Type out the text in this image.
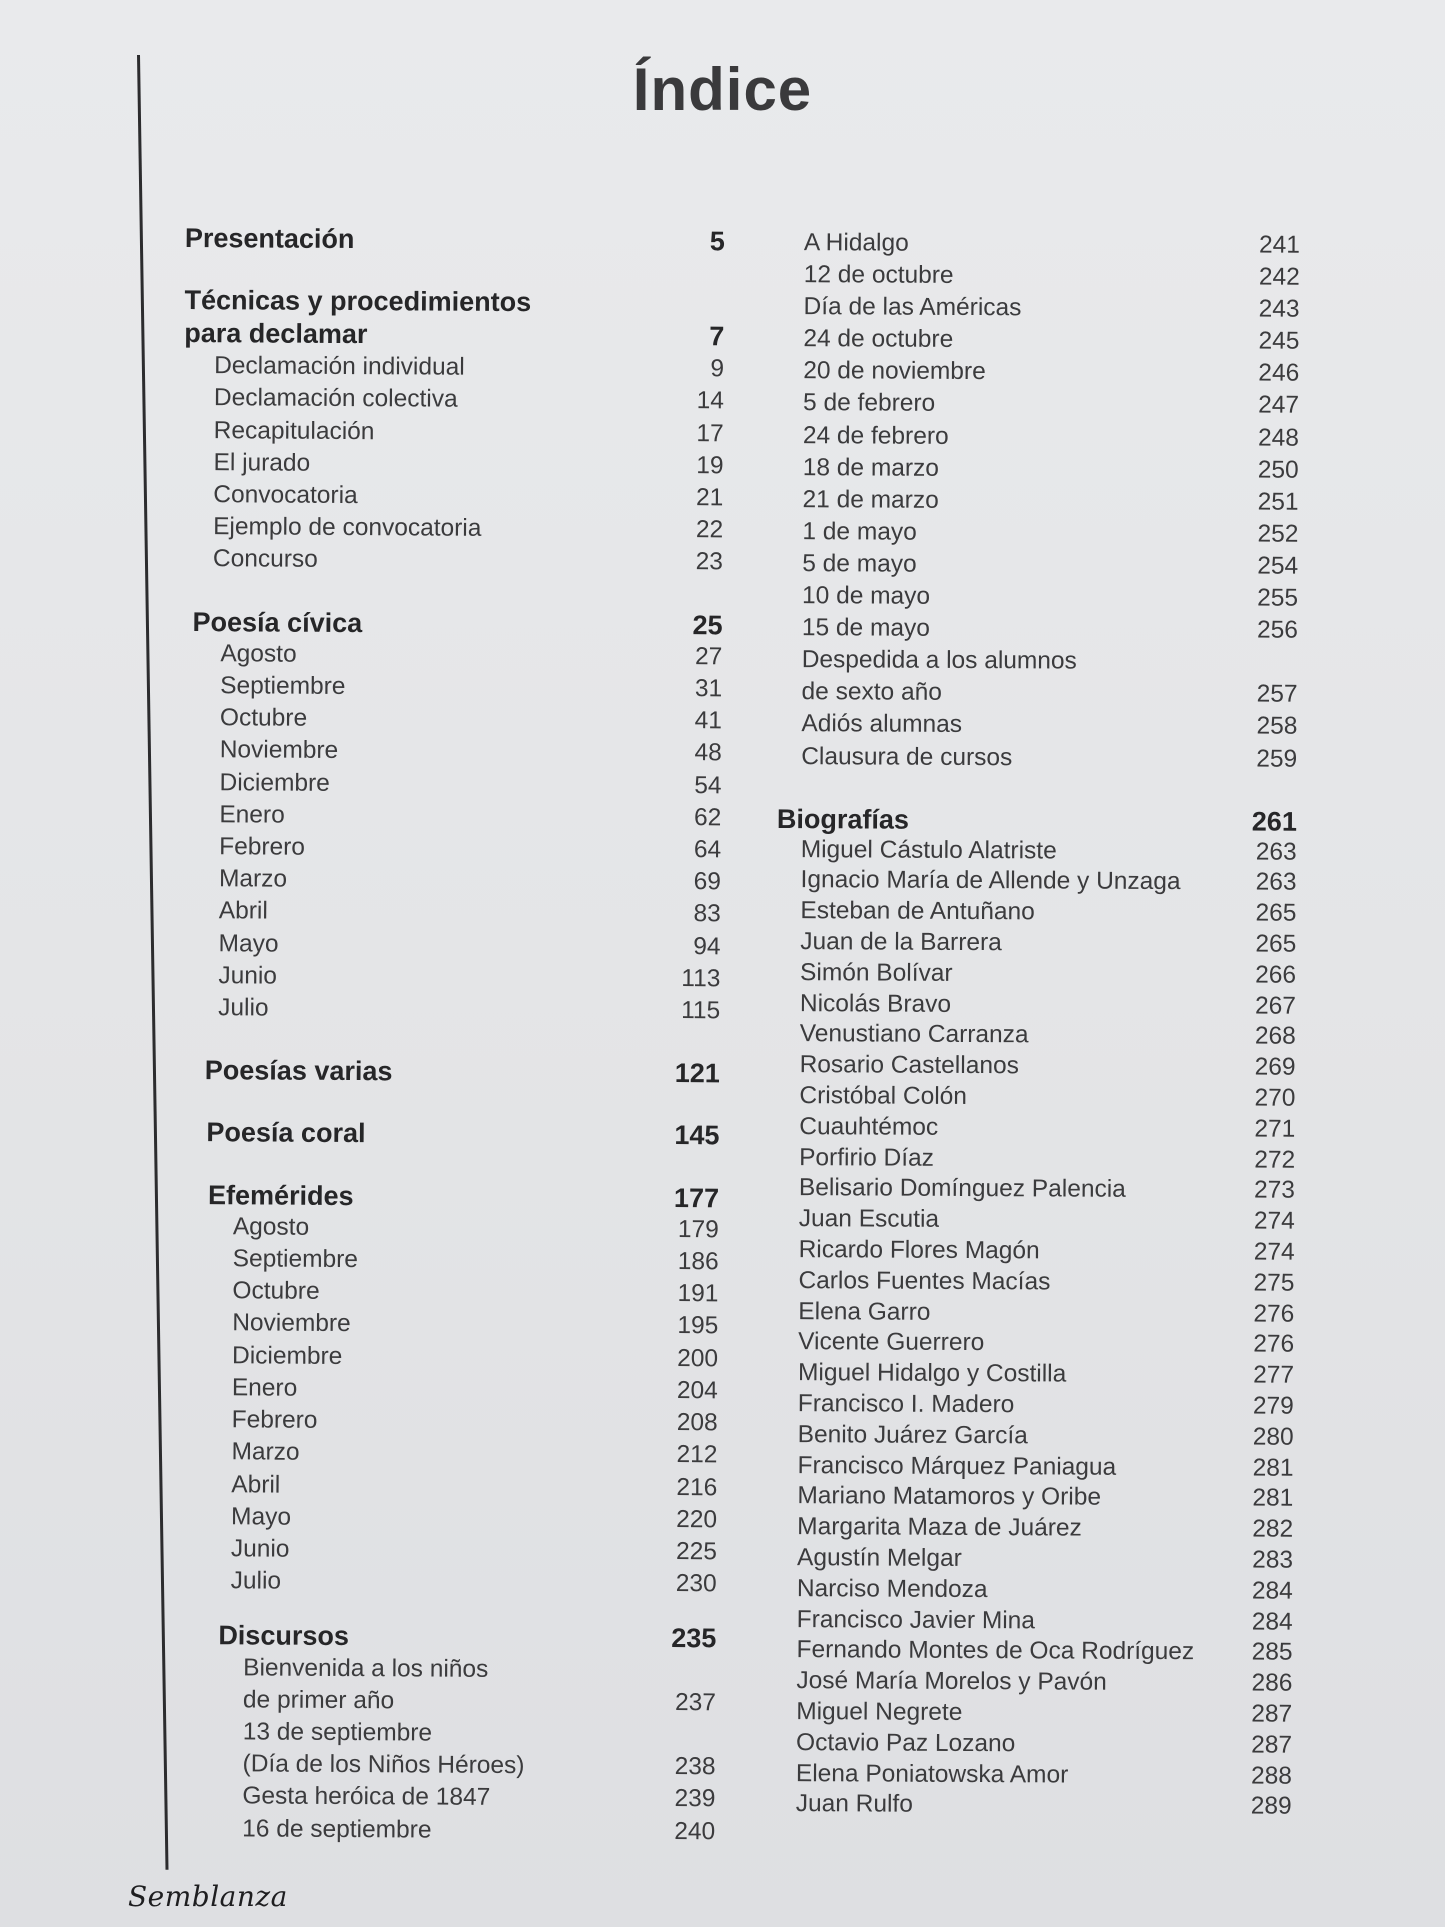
Índice
Presentación	5
Técnicas y procedimientos
para declamar	7
Declamación individual	9
Declamación colectiva	14
Recapitulación	17
El jurado	19
Convocatoria	21
Ejemplo de convocatoria	22
Concurso	23
Poesía cívica	25
Agosto	27
Septiembre	31
Octubre	41
Noviembre	48
Diciembre	54
Enero	62
Febrero	64
Marzo	69
Abril	83
Mayo	94
Junio	113
Julio	115
Poesías varias	121
Poesía coral	145
Efemérides	177
Agosto	179
Septiembre	186
Octubre	191
Noviembre	195
Diciembre	200
Enero	204
Febrero	208
Marzo	212
Abril	216
Mayo	220
Junio	225
Julio	230
Discursos	235
Bienvenida a los niños
de primer año	237
13 de septiembre
(Día de los Niños Héroes)	238
Gesta heróica de 1847	239
16 de septiembre	240
A Hidalgo	241
12 de octubre	242
Día de las Américas	243
24 de octubre	245
20 de noviembre	246
5 de febrero	247
24 de febrero	248
18 de marzo	250
21 de marzo	251
1 de mayo	252
5 de mayo	254
10 de mayo	255
15 de mayo	256
Despedida a los alumnos
de sexto año	257
Adiós alumnas	258
Clausura de cursos	259
Biografías	261
Miguel Cástulo Alatriste	263
Ignacio María de Allende y Unzaga	263
Esteban de Antuñano	265
Juan de la Barrera	265
Simón Bolívar	266
Nicolás Bravo	267
Venustiano Carranza	268
Rosario Castellanos	269
Cristóbal Colón	270
Cuauhtémoc	271
Porfirio Díaz	272
Belisario Domínguez Palencia	273
Juan Escutia	274
Ricardo Flores Magón	274
Carlos Fuentes Macías	275
Elena Garro	276
Vicente Guerrero	276
Miguel Hidalgo y Costilla	277
Francisco I. Madero	279
Benito Juárez García	280
Francisco Márquez Paniagua	281
Mariano Matamoros y Oribe	281
Margarita Maza de Juárez	282
Agustín Melgar	283
Narciso Mendoza	284
Francisco Javier Mina	284
Fernando Montes de Oca Rodríguez	285
José María Morelos y Pavón	286
Miguel Negrete	287
Octavio Paz Lozano	287
Elena Poniatowska Amor	288
Juan Rulfo	289
Semblanza
